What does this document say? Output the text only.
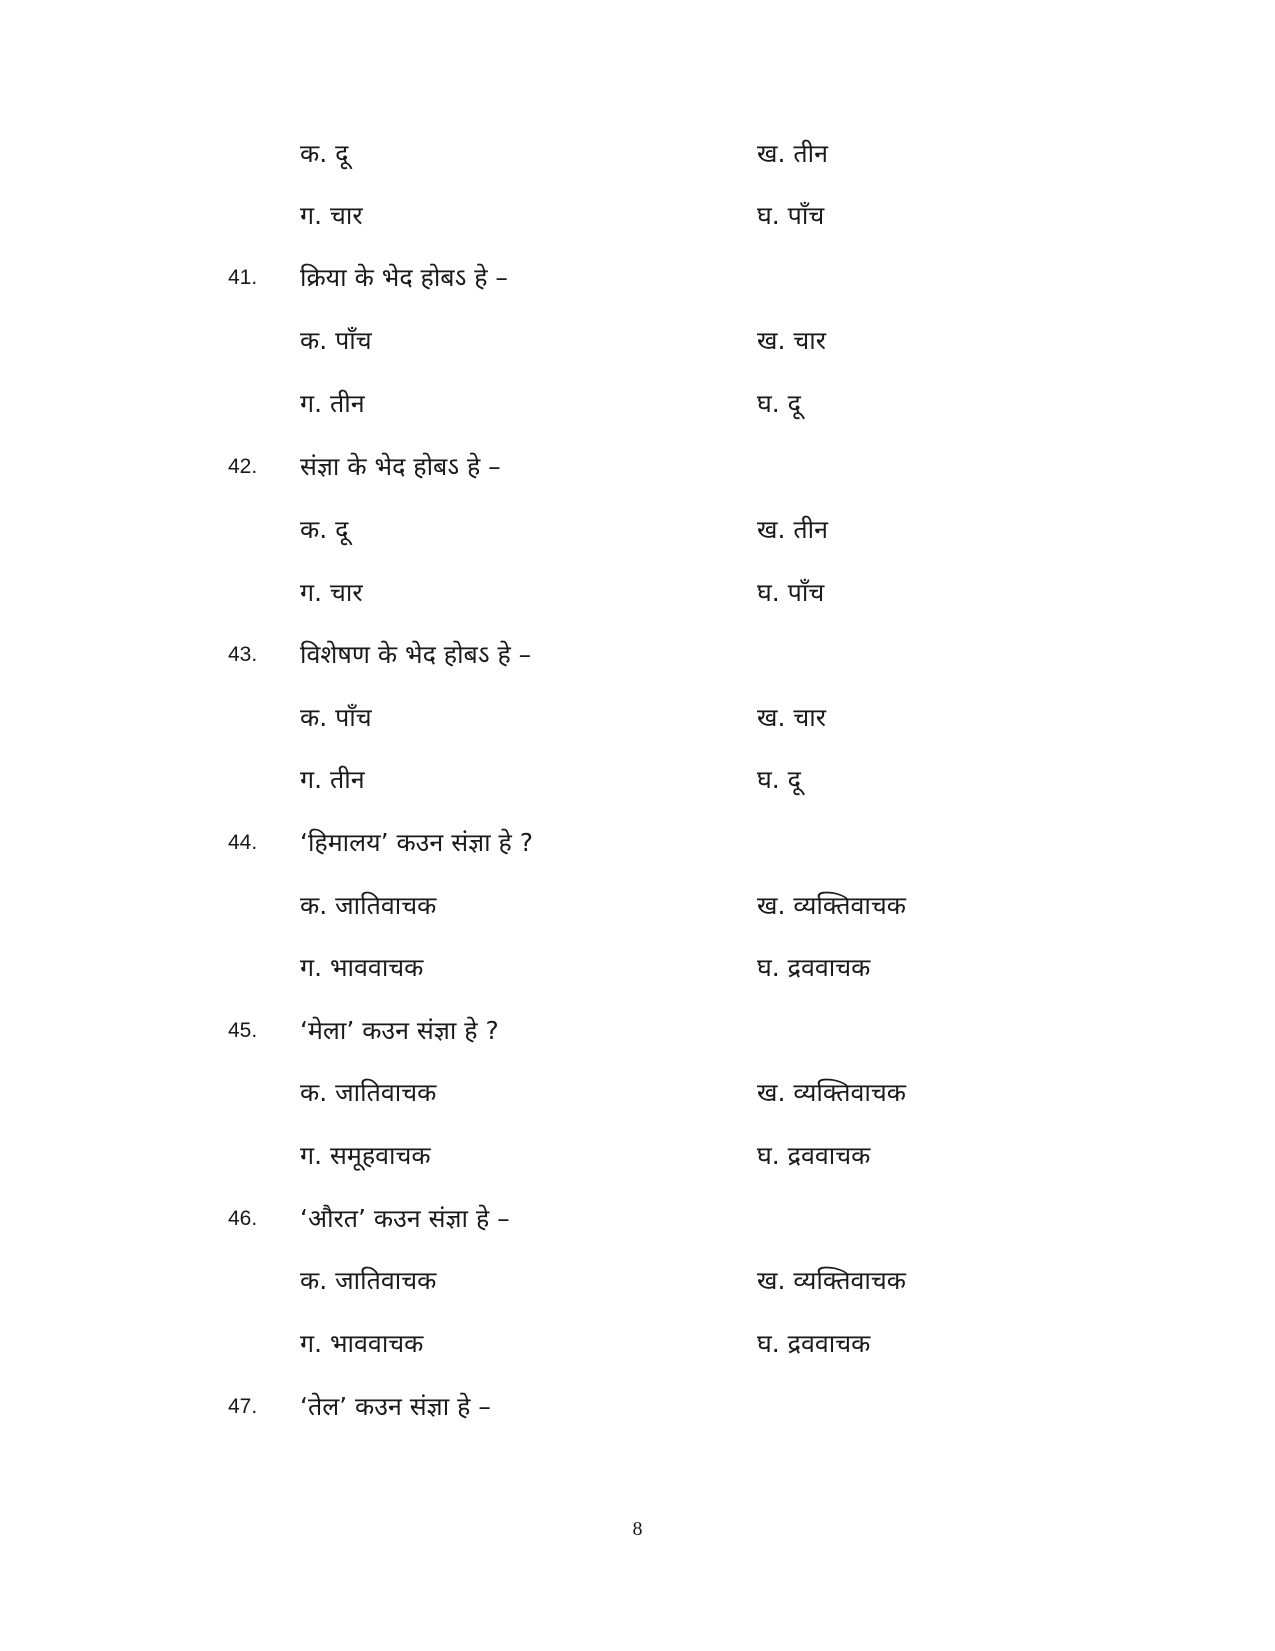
क. दू	ख. तीन
ग. चार	घ. पाँच
41. क्रिया के भेद होबऽ हे –
क. पाँच	ख. चार
ग. तीन	घ. दू
42. संज्ञा के भेद होबऽ हे –
क. दू	ख. तीन
ग. चार	घ. पाँच
43. विशेषण के भेद होबऽ हे –
क. पाँच	ख. चार
ग. तीन	घ. दू
44. ‘हिमालय’ कउन संज्ञा हे ?
क. जातिवाचक	ख. व्यक्तिवाचक
ग. भाववाचक	घ. द्रववाचक
45. ‘मेला’ कउन संज्ञा हे ?
क. जातिवाचक	ख. व्यक्तिवाचक
ग. समूहवाचक	घ. द्रववाचक
46. ‘औरत’ कउन संज्ञा हे –
क. जातिवाचक	ख. व्यक्तिवाचक
ग. भाववाचक	घ. द्रववाचक
47. ‘तेल’ कउन संज्ञा हे –
8
